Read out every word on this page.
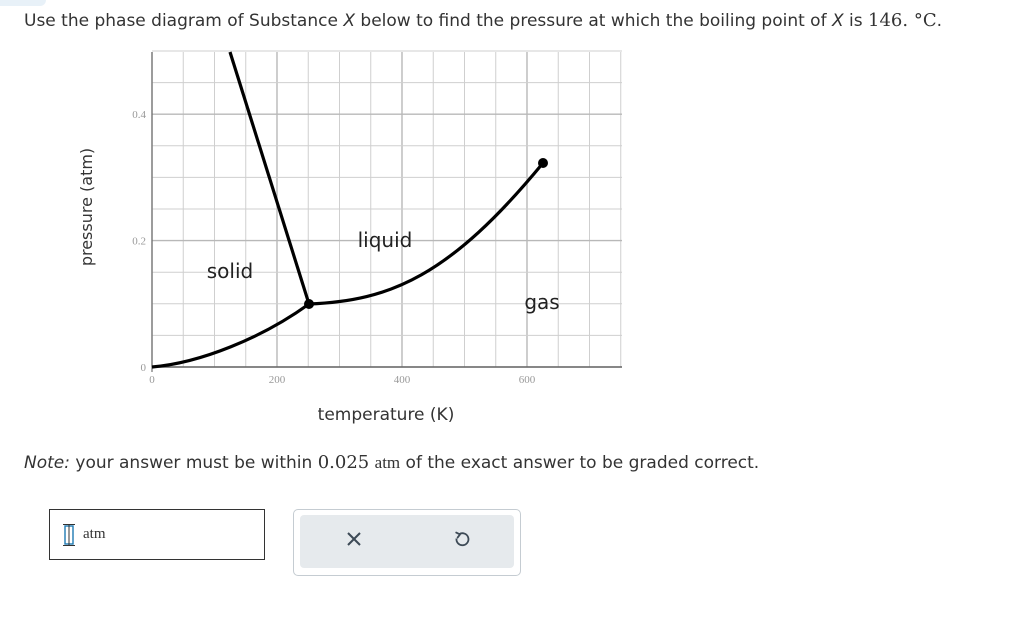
Use the phase diagram of Substance X below to find the pressure at which the boiling point of X is 146. °C.
0	200	400	600
0
0.2
0.4
temperature (K)
pressure (atm)
solid
liquid
gas
Note: your answer must be within 0.025 atm of the exact answer to be graded correct.
atm
